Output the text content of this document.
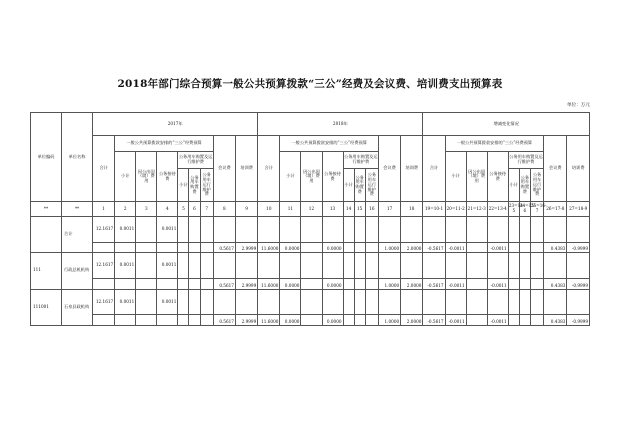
2018年部门综合预算一般公共预算拨款“三公”经费及会议费、培训费支出预算表
单位：万元
单位编码	单位名称	2017年									2018年									增减变化情况								
		合计	一般公共预算拨款安排的“三公”经费预算						会议费	培训费	合计	一般公共预算拨款安排的“三公”经费预算						会议费	培训费	合计	一般公共预算拨款安排的“三公”经费预算						会议费	培训费
			小计	因公出国（境）费用	公务接待费	公务用车购置及运行维护费						小计	因公出国（境）费用	公务接待费	公务用车购置及运行维护费						小计	因公出国（境）费用	公务接待费	公务用车购置及运行维护费				
						小计	公务用车购置费	公务用车运行维护费							小计	公务用车购置费	公务用车运行维护费							小计	公务用车购置费	公务用车运行维护费		

**	**	1	2	3	4	5	6	7	8	9	10	11	12	13	14	15	16	17	18	19=10-1	20=11-2	21=12-3	22=13-4	23=14-5	24=15-6	25=16-7	26=17-8	27=18-9
	合计	12.1617	0.0011		0.0011																							
									0.5617	2.9999	11.6000	0.0000		0.0000				1.0000	2.0000	-0.5617	-0.0011		-0.0011				0.4383	-0.9999
111	行政总机机构	12.1617	0.0011		0.0011																							
									0.5617	2.9999	11.6000	0.0000		0.0000				1.0000	2.0000	-0.5617	-0.0011		-0.0011				0.4383	-0.9999
111001	石泉县政机构	12.1617	0.0011		0.0011																							
									0.5617	2.9999	11.6000	0.0000		0.0000				1.0000	2.0000	-0.5617	-0.0011		-0.0011				0.4383	-0.9999
